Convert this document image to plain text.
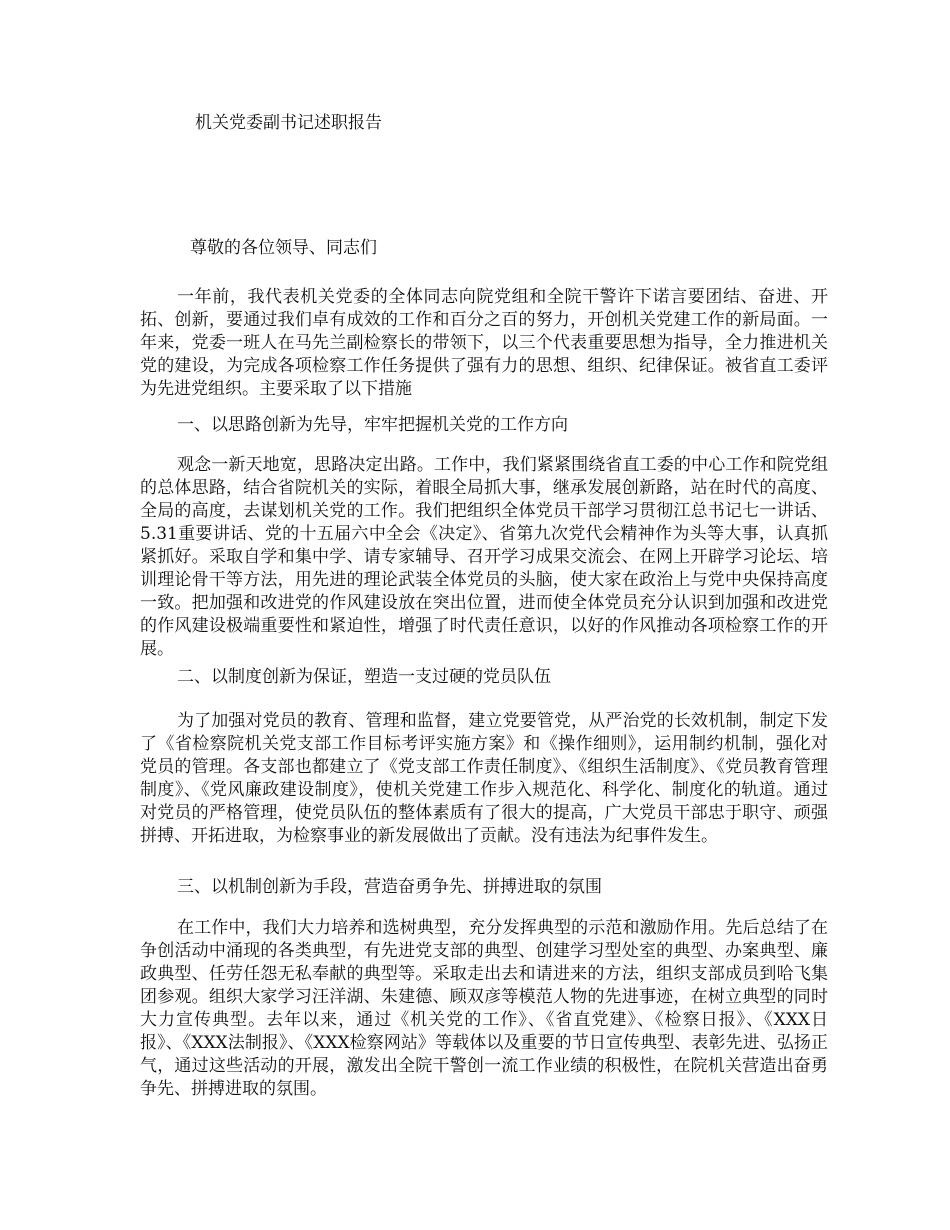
机关党委副书记述职报告
尊敬的各位领导、同志们

一年前，我代表机关党委的全体同志向院党组和全院干警许下诺言要团结、奋进、开拓、创新，要通过我们卓有成效的工作和百分之百的努力，开创机关党建工作的新局面。一年来，党委一班人在马先兰副检察长的带领下，以三个代表重要思想为指导，全力推进机关党的建设，为完成各项检察工作任务提供了强有力的思想、组织、纪律保证。被省直工委评为先进党组织。主要采取了以下措施

一、以思路创新为先导，牢牢把握机关党的工作方向

观念一新天地宽，思路决定出路。工作中，我们紧紧围绕省直工委的中心工作和院党组的总体思路，结合省院机关的实际，着眼全局抓大事，继承发展创新路，站在时代的高度、全局的高度，去谋划机关党的工作。我们把组织全体党员干部学习贯彻江总书记七一讲话、5.31重要讲话、党的十五届六中全会《决定》、省第九次党代会精神作为头等大事，认真抓紧抓好。采取自学和集中学、请专家辅导、召开学习成果交流会、在网上开辟学习论坛、培训理论骨干等方法，用先进的理论武装全体党员的头脑，使大家在政治上与党中央保持高度一致。把加强和改进党的作风建设放在突出位置，进而使全体党员充分认识到加强和改进党的作风建设极端重要性和紧迫性，增强了时代责任意识，以好的作风推动各项检察工作的开展。

二、以制度创新为保证，塑造一支过硬的党员队伍

为了加强对党员的教育、管理和监督，建立党要管党，从严治党的长效机制，制定下发了《省检察院机关党支部工作目标考评实施方案》和《操作细则》，运用制约机制，强化对党员的管理。各支部也都建立了《党支部工作责任制度》、《组织生活制度》、《党员教育管理制度》、《党风廉政建设制度》，使机关党建工作步入规范化、科学化、制度化的轨道。通过对党员的严格管理，使党员队伍的整体素质有了很大的提高，广大党员干部忠于职守、顽强拼搏、开拓进取，为检察事业的新发展做出了贡献。没有违法为纪事件发生。

三、以机制创新为手段，营造奋勇争先、拼搏进取的氛围

在工作中，我们大力培养和选树典型，充分发挥典型的示范和激励作用。先后总结了在争创活动中涌现的各类典型，有先进党支部的典型、创建学习型处室的典型、办案典型、廉政典型、任劳任怨无私奉献的典型等。采取走出去和请进来的方法，组织支部成员到哈飞集团参观。组织大家学习汪洋湖、朱建德、顾双彦等模范人物的先进事迹，在树立典型的同时大力宣传典型。去年以来，通过《机关党的工作》、《省直党建》、《检察日报》、《XXX日报》、《XXX法制报》、《XXX检察网站》等载体以及重要的节日宣传典型、表彰先进、弘扬正气，通过这些活动的开展，激发出全院干警创一流工作业绩的积极性，在院机关营造出奋勇争先、拼搏进取的氛围。
